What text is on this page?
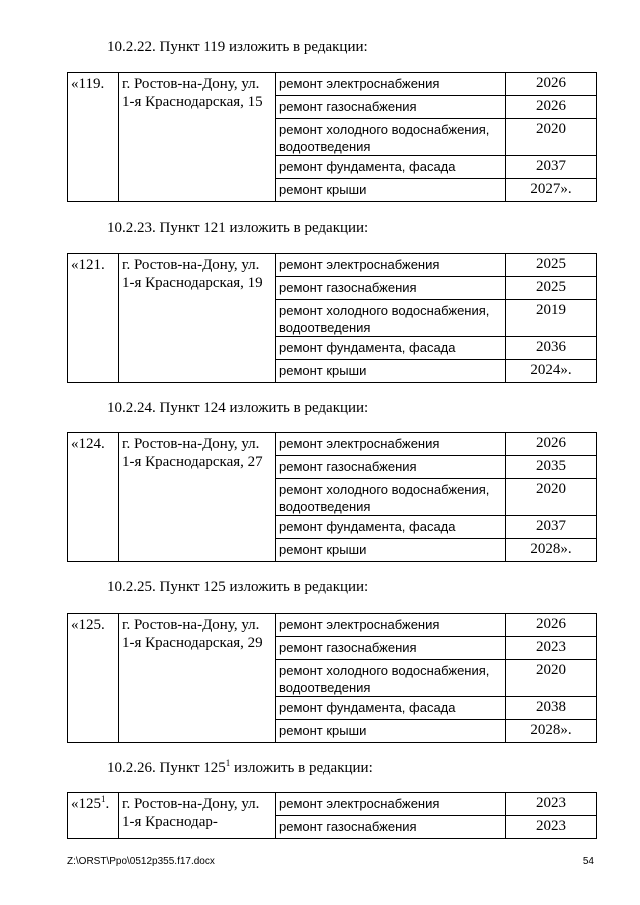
10.2.22. Пункт 119 изложить в редакции:
«119.	г. Ростов-на-Дону, ул. 1-я Краснодарская, 15	ремонт электроснабжения	2026
		ремонт газоснабжения	2026
		ремонт холодного водоснабжения, водоотведения	2020
		ремонт фундамента, фасада	2037
		ремонт крыши	2027».
10.2.23. Пункт 121 изложить в редакции:
«121.	г. Ростов-на-Дону, ул. 1-я Краснодарская, 19	ремонт электроснабжения	2025
		ремонт газоснабжения	2025
		ремонт холодного водоснабжения, водоотведения	2019
		ремонт фундамента, фасада	2036
		ремонт крыши	2024».
10.2.24. Пункт 124 изложить в редакции:
«124.	г. Ростов-на-Дону, ул. 1-я Краснодарская, 27	ремонт электроснабжения	2026
		ремонт газоснабжения	2035
		ремонт холодного водоснабжения, водоотведения	2020
		ремонт фундамента, фасада	2037
		ремонт крыши	2028».
10.2.25. Пункт 125 изложить в редакции:
«125.	г. Ростов-на-Дону, ул. 1-я Краснодарская, 29	ремонт электроснабжения	2026
		ремонт газоснабжения	2023
		ремонт холодного водоснабжения, водоотведения	2020
		ремонт фундамента, фасада	2038
		ремонт крыши	2028».
10.2.26. Пункт $125^1$ изложить в редакции:
«$125^1$.	г. Ростов-на-Дону, ул. 1-я Краснодар-	ремонт электроснабжения	2023
		ремонт газоснабжения	2023
Z:\ORST\Ppo\0512p355.f17.docx	54
